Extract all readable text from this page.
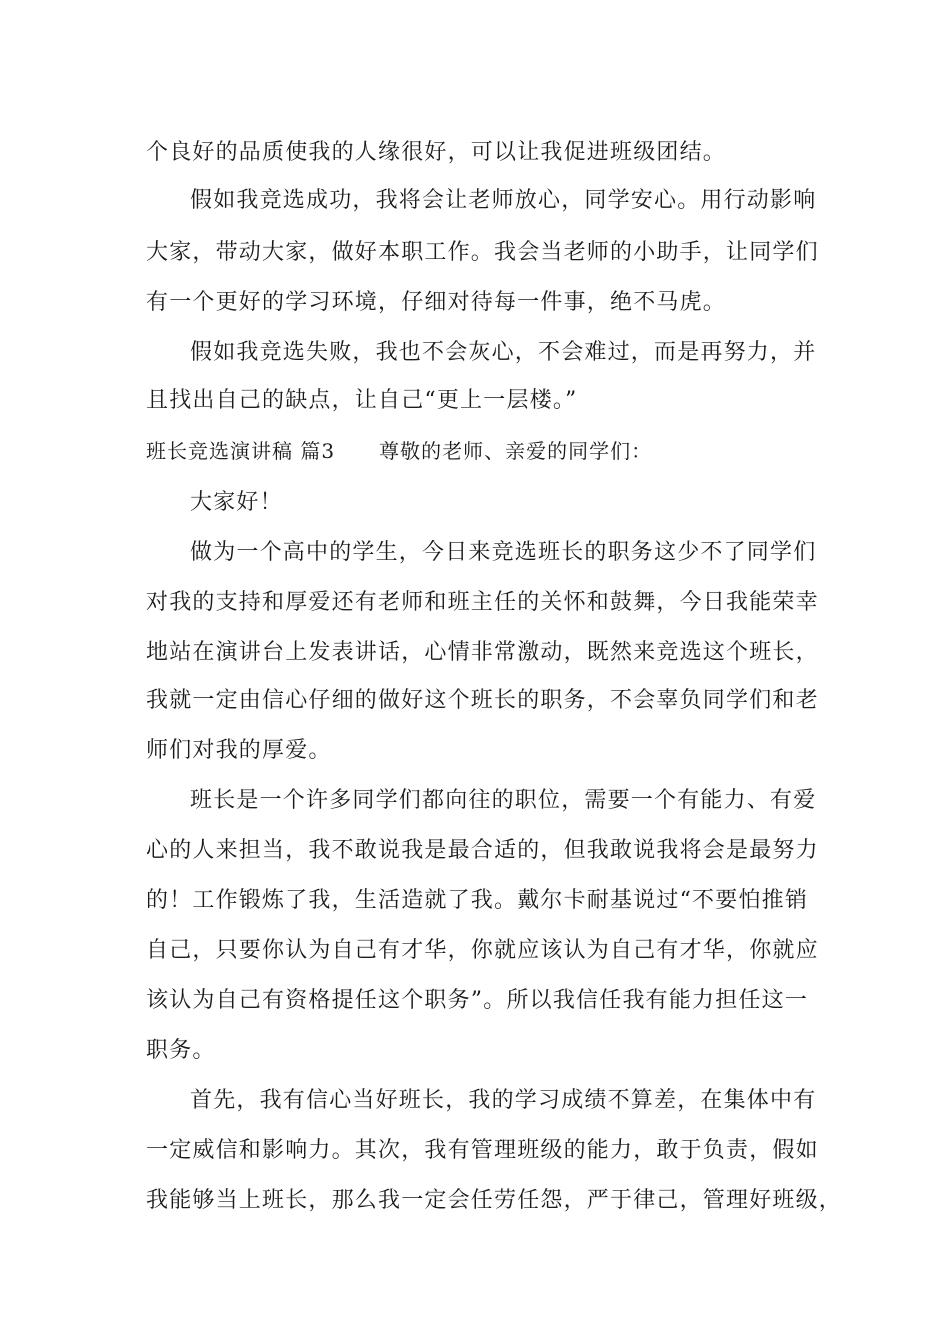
个良好的品质使我的人缘很好，可以让我促进班级团结。
假如我竞选成功，我将会让老师放心，同学安心。用行动影响
大家，带动大家，做好本职工作。我会当老师的小助手，让同学们
有一个更好的学习环境，仔细对待每一件事，绝不马虎。
假如我竞选失败，我也不会灰心，不会难过，而是再努力，并
且找出自己的缺点，让自己“更上一层楼。”
班长竞选演讲稿 篇3 尊敬的老师、亲爱的同学们：
大家好！
做为一个高中的学生，今日来竞选班长的职务这少不了同学们
对我的支持和厚爱还有老师和班主任的关怀和鼓舞，今日我能荣幸
地站在演讲台上发表讲话，心情非常激动，既然来竞选这个班长，
我就一定由信心仔细的做好这个班长的职务，不会辜负同学们和老
师们对我的厚爱。
班长是一个许多同学们都向往的职位，需要一个有能力、有爱
心的人来担当，我不敢说我是最合适的，但我敢说我将会是最努力
的！工作锻炼了我，生活造就了我。戴尔卡耐基说过“不要怕推销
自己，只要你认为自己有才华，你就应该认为自己有才华，你就应
该认为自己有资格提任这个职务”。所以我信任我有能力担任这一
职务。
首先，我有信心当好班长，我的学习成绩不算差，在集体中有
一定威信和影响力。其次，我有管理班级的能力，敢于负责，假如
我能够当上班长，那么我一定会任劳任怨，严于律己，管理好班级，
